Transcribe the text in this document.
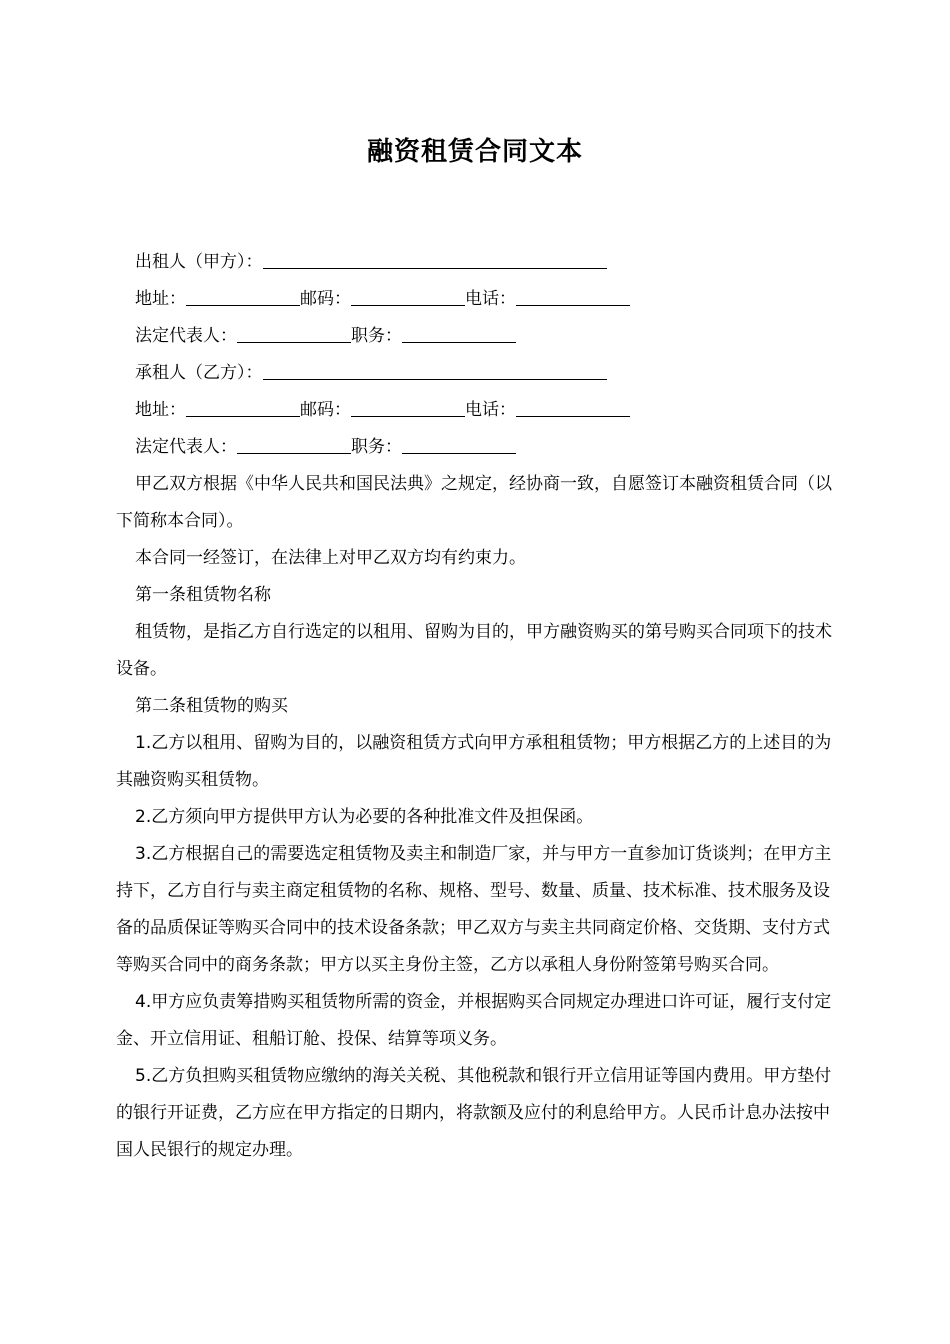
融资租赁合同文本

出租人（甲方）：

地址：	邮码：	电话：

法定代表人：	职务：

承租人（乙方）：

地址：	邮码：	电话：

法定代表人：	职务：

甲乙双方根据《中华人民共和国民法典》之规定，经协商一致，自愿签订本融资租赁合同（以下简称本合同）。

本合同一经签订，在法律上对甲乙双方均有约束力。

第一条租赁物名称

租赁物，是指乙方自行选定的以租用、留购为目的，甲方融资购买的第号购买合同项下的技术设备。

第二条租赁物的购买

1.乙方以租用、留购为目的，以融资租赁方式向甲方承租租赁物；甲方根据乙方的上述目的为其融资购买租赁物。

2.乙方须向甲方提供甲方认为必要的各种批准文件及担保函。

3.乙方根据自己的需要选定租赁物及卖主和制造厂家，并与甲方一直参加订货谈判；在甲方主持下，乙方自行与卖主商定租赁物的名称、规格、型号、数量、质量、技术标准、技术服务及设备的品质保证等购买合同中的技术设备条款；甲乙双方与卖主共同商定价格、交货期、支付方式等购买合同中的商务条款；甲方以买主身份主签，乙方以承租人身份附签第号购买合同。

4.甲方应负责筹措购买租赁物所需的资金，并根据购买合同规定办理进口许可证，履行支付定金、开立信用证、租船订舱、投保、结算等项义务。

5.乙方负担购买租赁物应缴纳的海关关税、其他税款和银行开立信用证等国内费用。甲方垫付的银行开证费，乙方应在甲方指定的日期内，将款额及应付的利息给甲方。人民币计息办法按中国人民银行的规定办理。
